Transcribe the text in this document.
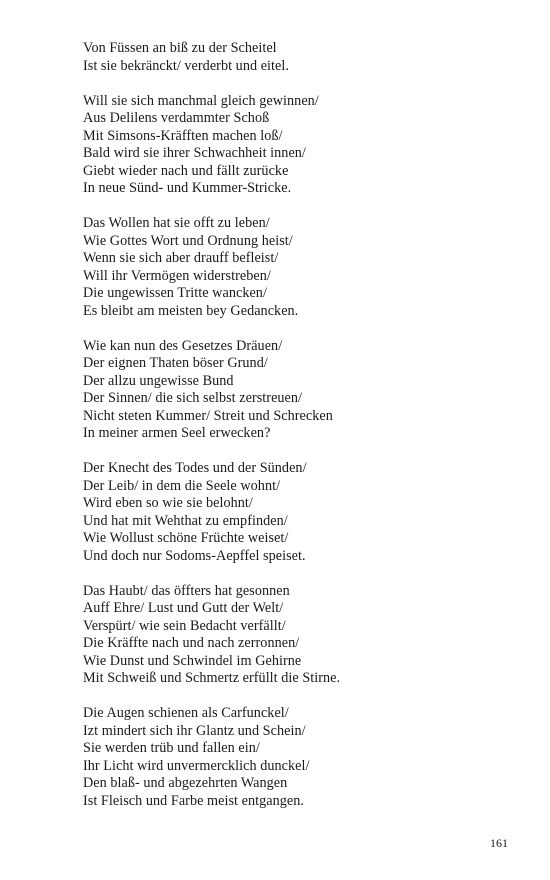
Von Füssen an biß zu der Scheitel
Ist sie bekränckt/ verderbt und eitel.
Will sie sich manchmal gleich gewinnen/
Aus Delilens verdammter Schoß
Mit Simsons-Kräfften machen loß/
Bald wird sie ihrer Schwachheit innen/
Giebt wieder nach und fällt zurücke
In neue Sünd- und Kummer-Stricke.
Das Wollen hat sie offt zu leben/
Wie Gottes Wort und Ordnung heist/
Wenn sie sich aber drauff befleist/
Will ihr Vermögen widerstreben/
Die ungewissen Tritte wancken/
Es bleibt am meisten bey Gedancken.
Wie kan nun des Gesetzes Dräuen/
Der eignen Thaten böser Grund/
Der allzu ungewisse Bund
Der Sinnen/ die sich selbst zerstreuen/
Nicht steten Kummer/ Streit und Schrecken
In meiner armen Seel erwecken?
Der Knecht des Todes und der Sünden/
Der Leib/ in dem die Seele wohnt/
Wird eben so wie sie belohnt/
Und hat mit Wehthat zu empfinden/
Wie Wollust schöne Früchte weiset/
Und doch nur Sodoms-Aepffel speiset.
Das Haubt/ das öffters hat gesonnen
Auff Ehre/ Lust und Gutt der Welt/
Verspürt/ wie sein Bedacht verfällt/
Die Kräffte nach und nach zerronnen/
Wie Dunst und Schwindel im Gehirne
Mit Schweiß und Schmertz erfüllt die Stirne.
Die Augen schienen als Carfunckel/
Izt mindert sich ihr Glantz und Schein/
Sie werden trüb und fallen ein/
Ihr Licht wird unvermercklich dunckel/
Den blaß- und abgezehrten Wangen
Ist Fleisch und Farbe meist entgangen.
161
